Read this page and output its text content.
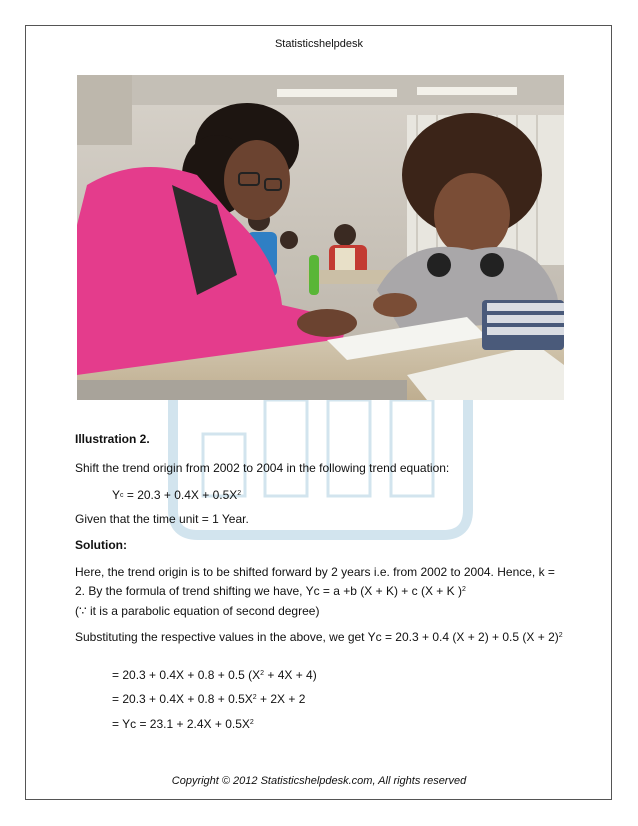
Statisticshelpdesk

Illustration 2.

Shift the trend origin from 2002 to 2004 in the following trend equation:

$Yc = 20.3 + 0.4X + 0.5X^2$

Given that the time unit = 1 Year.

Solution:

Here, the trend origin is to be shifted forward by 2 years i.e. from 2002 to 2004. Hence, k = 2. By the formula of trend shifting we have, Yc = a +b (X + K) + c (X + K )$^2$

(∵ it is a parabolic equation of second degree)

Substituting the respective values in the above, we get Yc = 20.3 + 0.4 (X + 2) + 0.5 $(X + 2)^2$

= 20.3 + 0.4X + 0.8 + 0.5 $(X^2 + 4X + 4)$

= $20.3 + 0.4X + 0.8 + 0.5X^2 + 2X + 2$

= $Yc = 23.1 + 2.4X + 0.5X^2$

Copyright © 2012 Statisticshelpdesk.com, All rights reserved
